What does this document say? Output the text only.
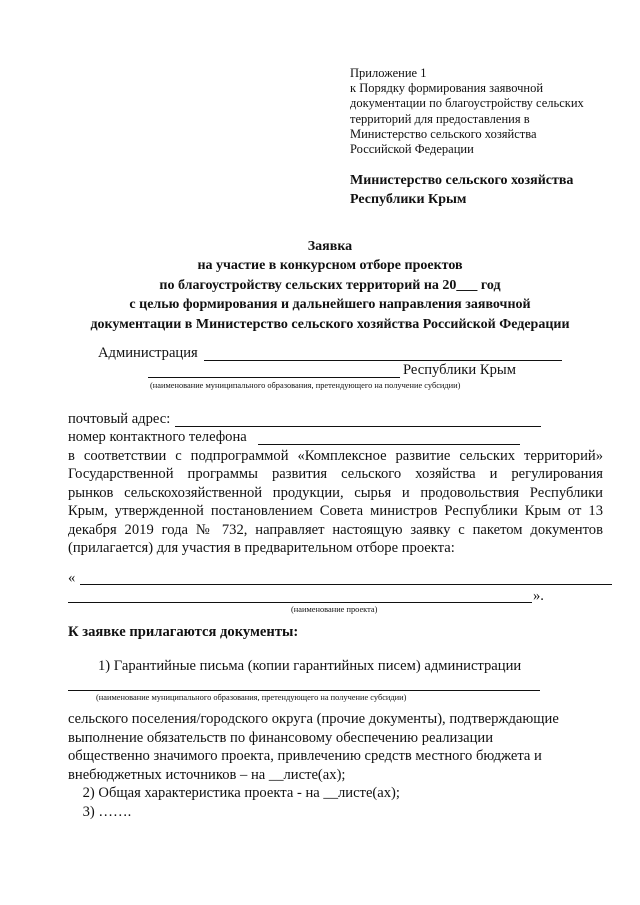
Приложение 1
к Порядку формирования заявочной
документации по благоустройству сельских
территорий для предоставления в
Министерство сельского хозяйства
Российской Федерации
Министерство сельского хозяйства
Республики Крым
Заявка
на участие в конкурсном отборе проектов
по благоустройству сельских территорий на 20___ год
с целью формирования и дальнейшего направления заявочной
документации в Министерство сельского хозяйства Российской Федерации
Администрация
Республики Крым
(наименование муниципального образования, претендующего на получение субсидии)
почтовый адрес:
номер контактного телефона
в соответствии с подпрограммой «Комплексное развитие сельских территорий»
Государственной программы развития сельского хозяйства и регулирования
рынков сельскохозяйственной продукции, сырья и продовольствия Республики
Крым, утвержденной постановлением Совета министров Республики Крым от 13
декабря 2019 года № 732, направляет настоящую заявку с пакетом документов
(прилагается) для участия в предварительном отборе проекта:
«
».
(наименование проекта)
К заявке прилагаются документы:
1) Гарантийные письма (копии гарантийных писем) администрации
(наименование муниципального образования, претендующего на получение субсидии)
сельского поселения/городского округа (прочие документы), подтверждающие
выполнение обязательств по финансовому обеспечению реализации
общественно значимого проекта, привлечению средств местного бюджета и
внебюджетных источников – на __листе(ах);
2) Общая характеристика проекта - на __листе(ах);
3) …….
